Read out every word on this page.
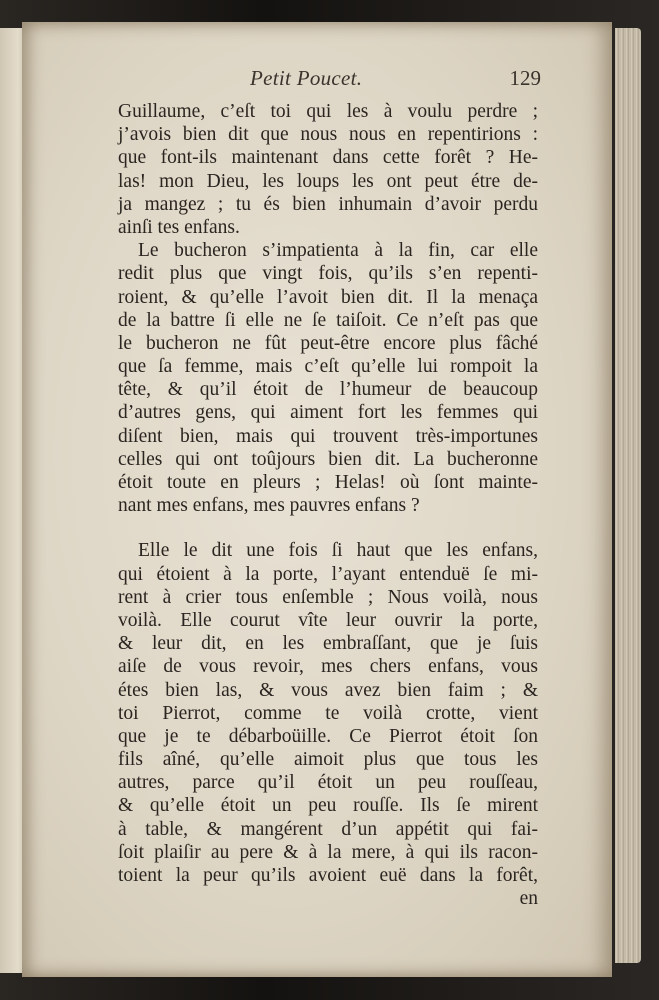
Petit Poucet.	129
Guillaume, c’eſt toi qui les à voulu perdre ;
j’avois bien dit que nous nous en repentirions :
que font-ils maintenant dans cette forêt ? He-
las! mon Dieu, les loups les ont peut étre de-
ja mangez ; tu és bien inhumain d’avoir perdu
ainſi tes enfans.
Le bucheron s’impatienta à la fin, car elle
redit plus que vingt fois, qu’ils s’en repenti-
roient, & qu’elle l’avoit bien dit. Il la menaça
de la battre ſi elle ne ſe taiſoit. Ce n’eſt pas que
le bucheron ne fût peut-être encore plus fâché
que ſa femme, mais c’eſt qu’elle lui rompoit la
tête, & qu’il étoit de l’humeur de beaucoup
d’autres gens, qui aiment fort les femmes qui
diſent bien, mais qui trouvent très-importunes
celles qui ont toûjours bien dit. La bucheronne
étoit toute en pleurs ; Helas! où ſont mainte-
nant mes enfans, mes pauvres enfans ?
Elle le dit une fois ſi haut que les enfans,
qui étoient à la porte, l’ayant entenduë ſe mi-
rent à crier tous enſemble ; Nous voilà, nous
voilà. Elle courut vîte leur ouvrir la porte,
& leur dit, en les embraſſant, que je ſuis
aiſe de vous revoir, mes chers enfans, vous
étes bien las, & vous avez bien faim ; &
toi Pierrot, comme te voilà crotte, vient
que je te débarboüille. Ce Pierrot étoit ſon
fils aîné, qu’elle aimoit plus que tous les
autres, parce qu’il étoit un peu rouſſeau,
& qu’elle étoit un peu rouſſe. Ils ſe mirent
à table, & mangérent d’un appétit qui fai-
ſoit plaiſir au pere & à la mere, à qui ils racon-
toient la peur qu’ils avoient euë dans la forêt,
en
